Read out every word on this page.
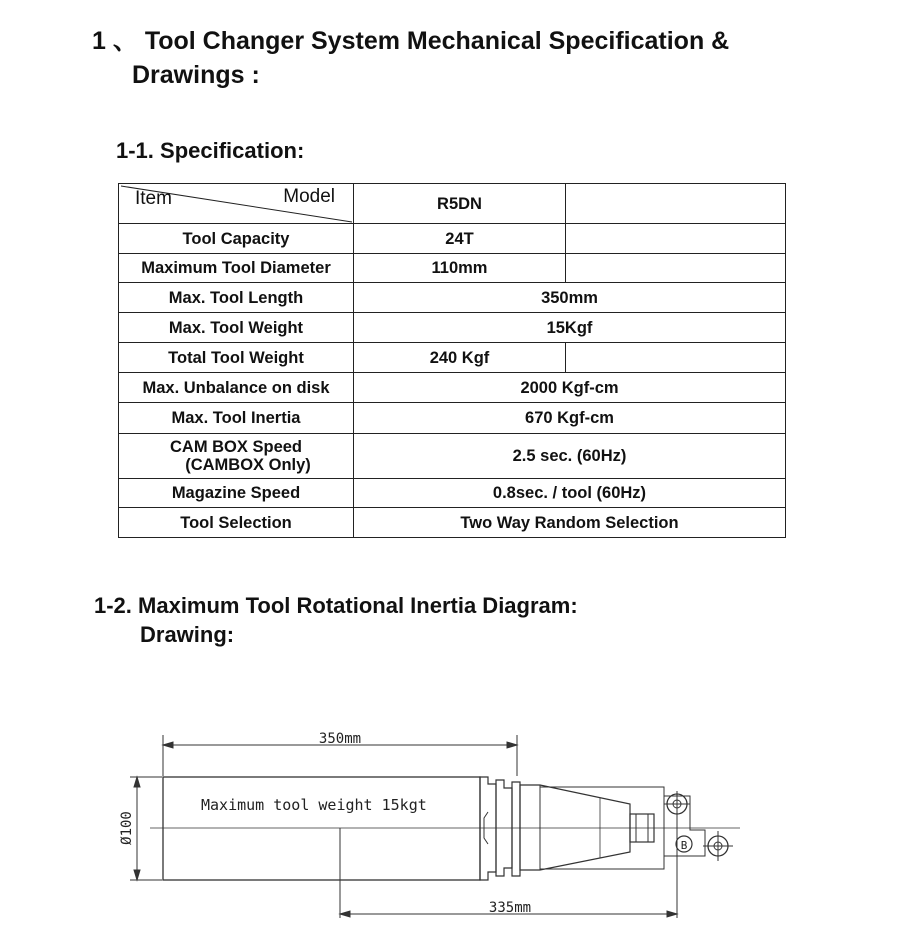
1 、 Tool Changer System Mechanical Specification &
Drawings :
1-1. Specification:
Item Model	R5DN	
Tool Capacity	24T	
Maximum Tool Diameter	110mm	
Max. Tool Length	350mm	
Max. Tool Weight	15Kgf	
Total Tool Weight	240 Kgf	
Max. Unbalance on disk	2000 Kgf-cm	
Max. Tool Inertia	670 Kgf-cm	
CAM BOX Speed
(CAMBOX Only)	2.5 sec. (60Hz)	
Magazine Speed	0.8sec. / tool (60Hz)	
Tool Selection	Two Way Random Selection	
1-2. Maximum Tool Rotational Inertia Diagram:
Drawing:
350mm
Ø100
Maximum tool weight 15kgt
B
335mm
